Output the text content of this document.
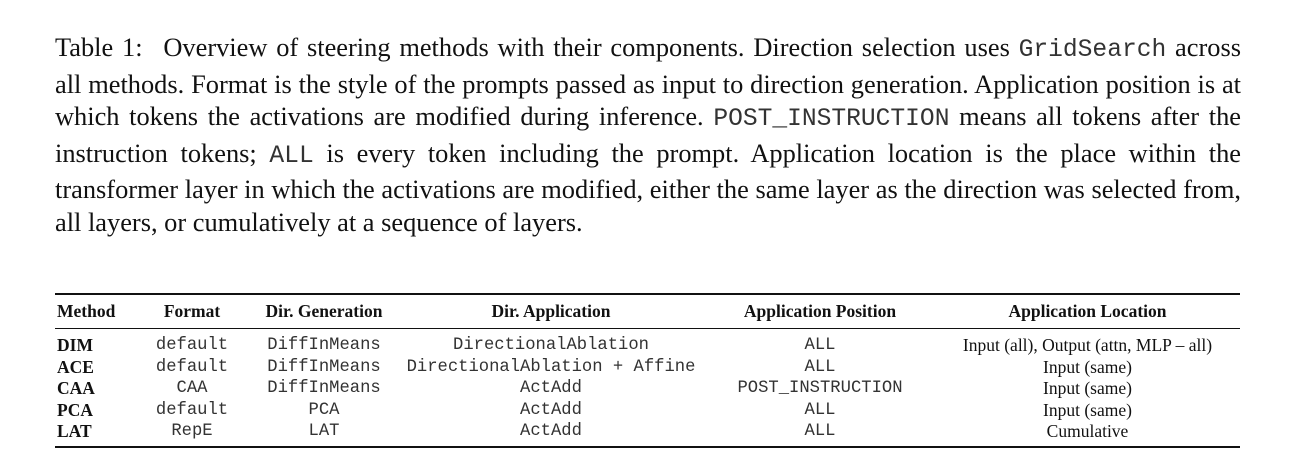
Table 1: Overview of steering methods with their components. Direction selection uses GridSearch across all methods. Format is the style of the prompts passed as input to direction generation. Application position is at which tokens the activations are modified during inference. POST_INSTRUCTION means all tokens after the instruction tokens; ALL is every token including the prompt. Application location is the place within the transformer layer in which the activations are modified, either the same layer as the direction was selected from, all layers, or cumulatively at a sequence of layers.
Method	Format	Dir. Generation	Dir. Application	Application Position	Application Location
DIM	default	DiffInMeans	DirectionalAblation	ALL	Input (all), Output (attn, MLP – all)
ACE	default	DiffInMeans	DirectionalAblation + Affine	ALL	Input (same)
CAA	CAA	DiffInMeans	ActAdd	POST_INSTRUCTION	Input (same)
PCA	default	PCA	ActAdd	ALL	Input (same)
LAT	RepE	LAT	ActAdd	ALL	Cumulative
